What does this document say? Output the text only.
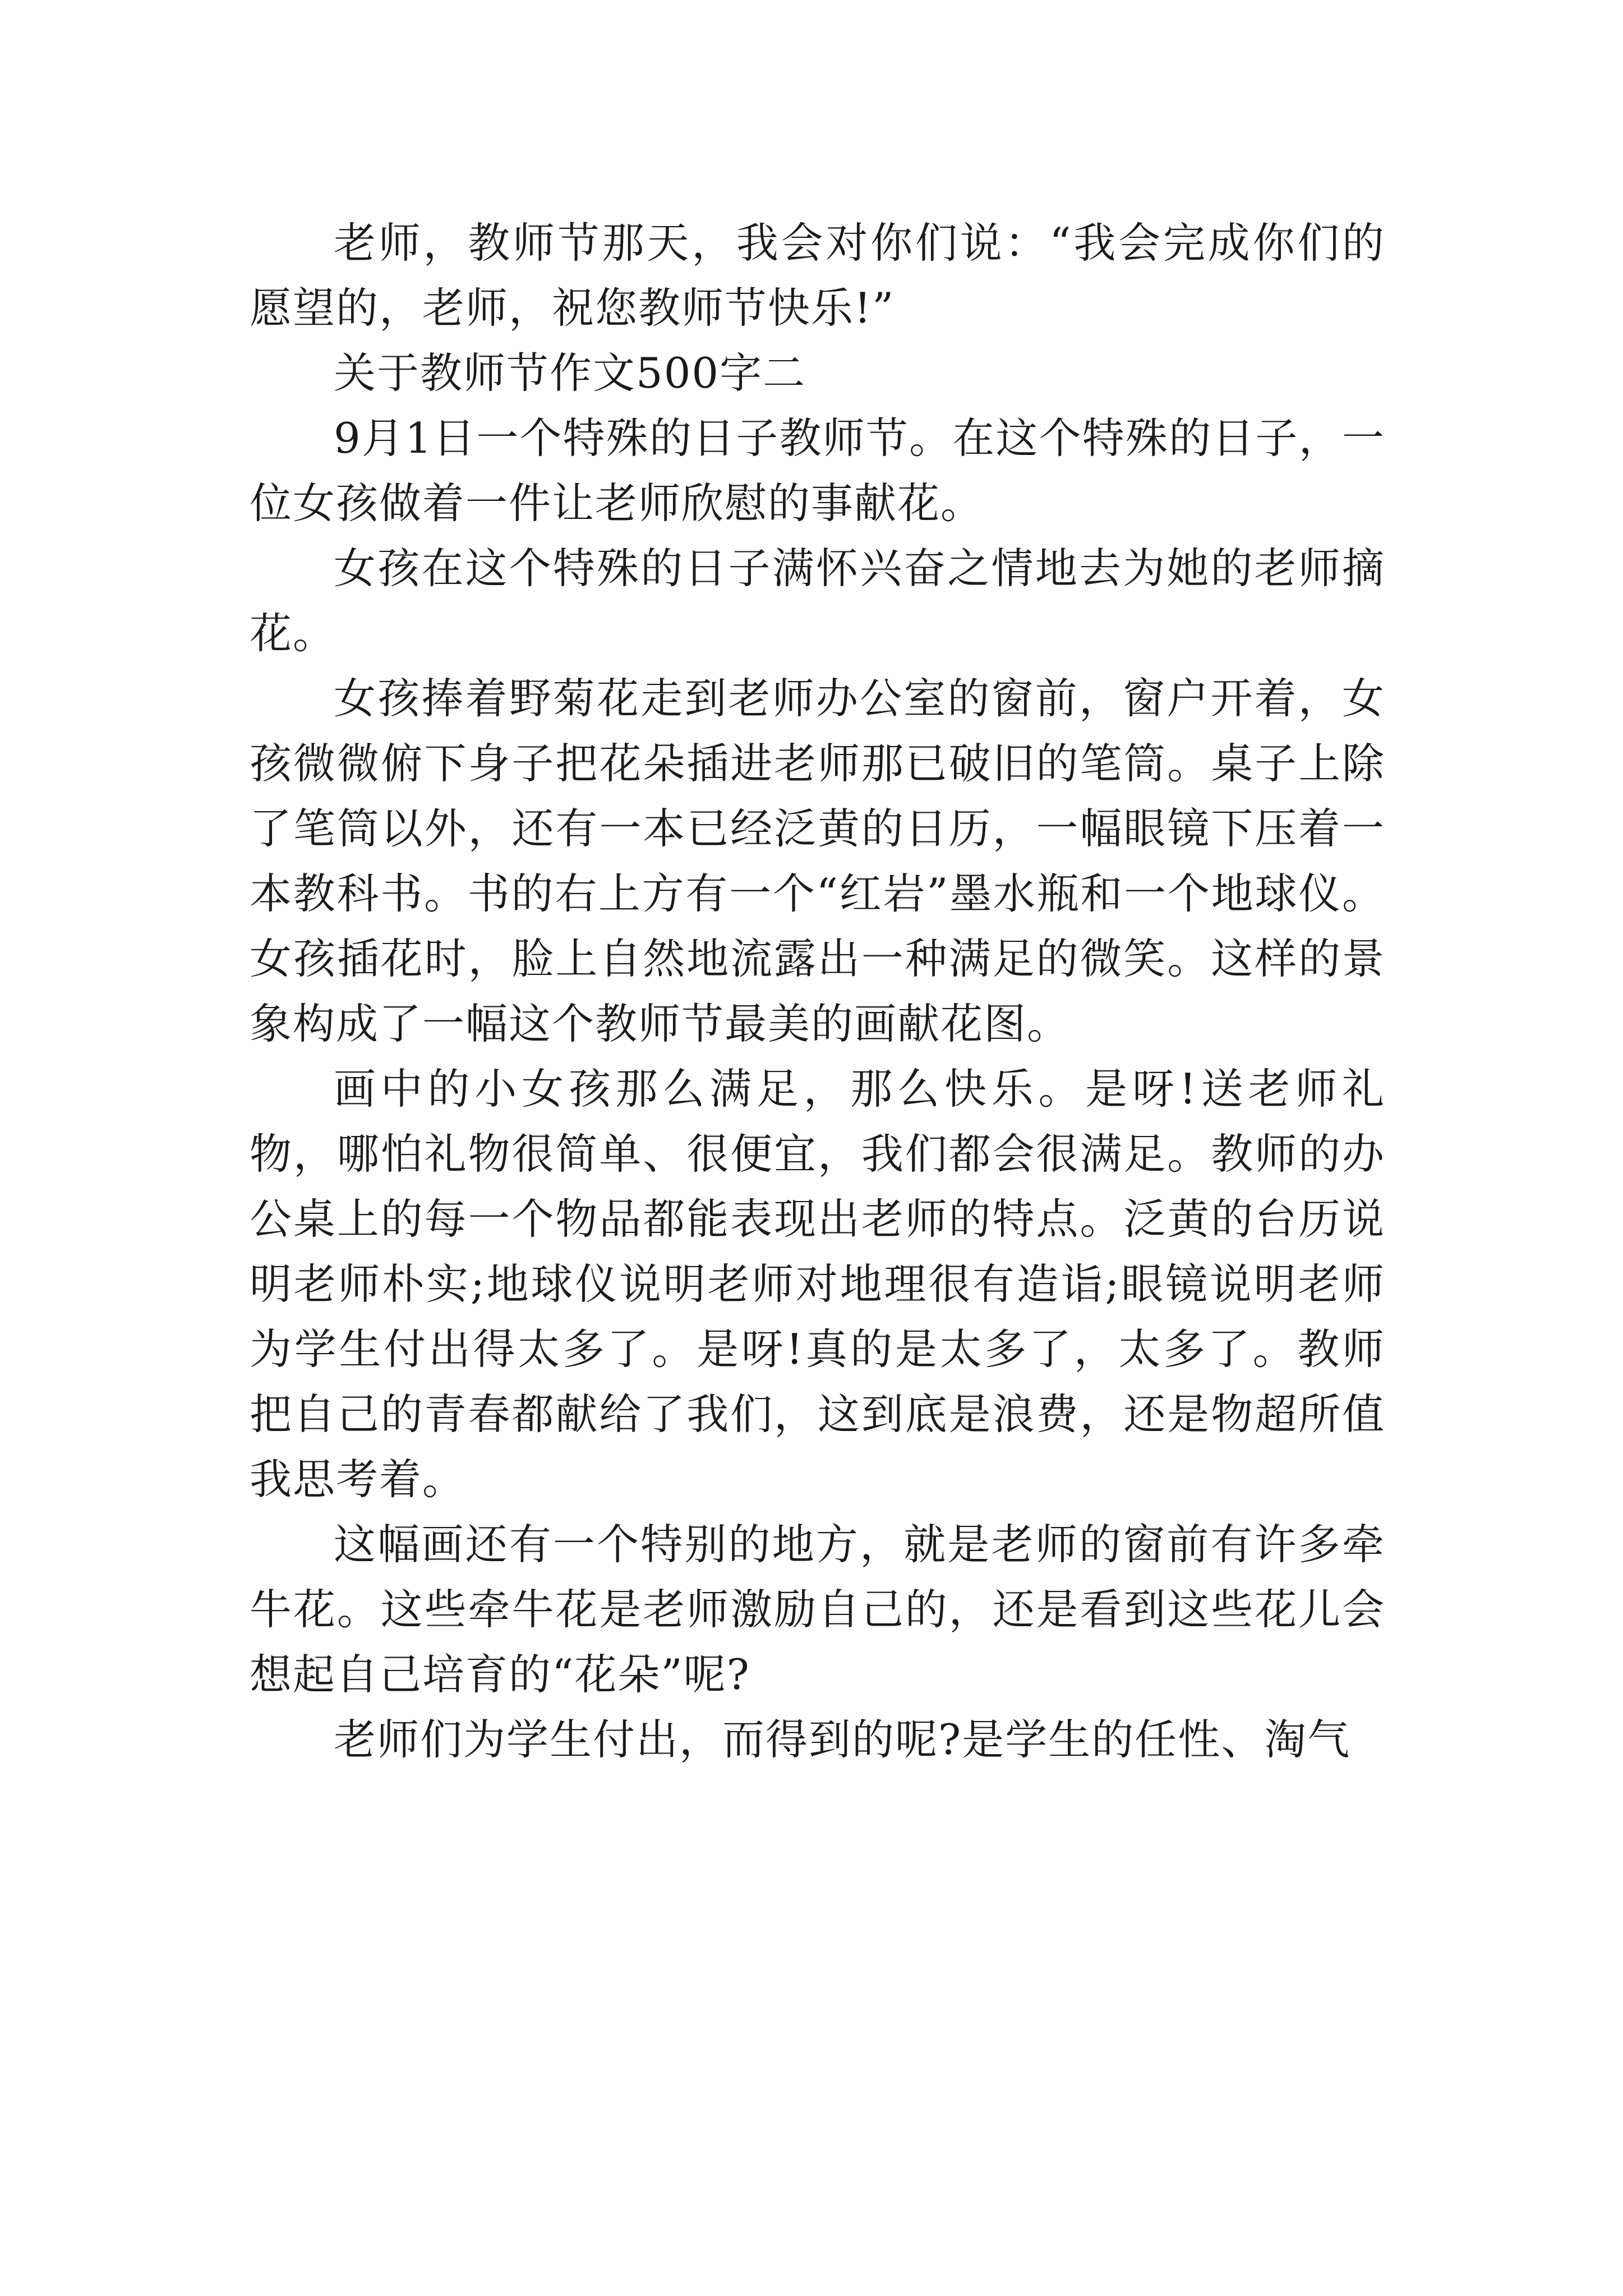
老师，教师节那天，我会对你们说：“我会完成你们的愿望的，老师，祝您教师节快乐!”

关于教师节作文500字二

9月1日一个特殊的日子教师节。在这个特殊的日子，一位女孩做着一件让老师欣慰的事献花。

女孩在这个特殊的日子满怀兴奋之情地去为她的老师摘花。

女孩捧着野菊花走到老师办公室的窗前，窗户开着，女孩微微俯下身子把花朵插进老师那已破旧的笔筒。桌子上除了笔筒以外，还有一本已经泛黄的日历，一幅眼镜下压着一本教科书。书的右上方有一个“红岩”墨水瓶和一个地球仪。女孩插花时，脸上自然地流露出一种满足的微笑。这样的景象构成了一幅这个教师节最美的画献花图。

画中的小女孩那么满足，那么快乐。是呀!送老师礼物，哪怕礼物很简单、很便宜，我们都会很满足。教师的办公桌上的每一个物品都能表现出老师的特点。泛黄的台历说明老师朴实;地球仪说明老师对地理很有造诣;眼镜说明老师为学生付出得太多了。是呀!真的是太多了，太多了。教师把自己的青春都献给了我们，这到底是浪费，还是物超所值我思考着。

这幅画还有一个特别的地方，就是老师的窗前有许多牵牛花。这些牵牛花是老师激励自己的，还是看到这些花儿会想起自己培育的“花朵”呢?

老师们为学生付出，而得到的呢?是学生的任性、淘气
